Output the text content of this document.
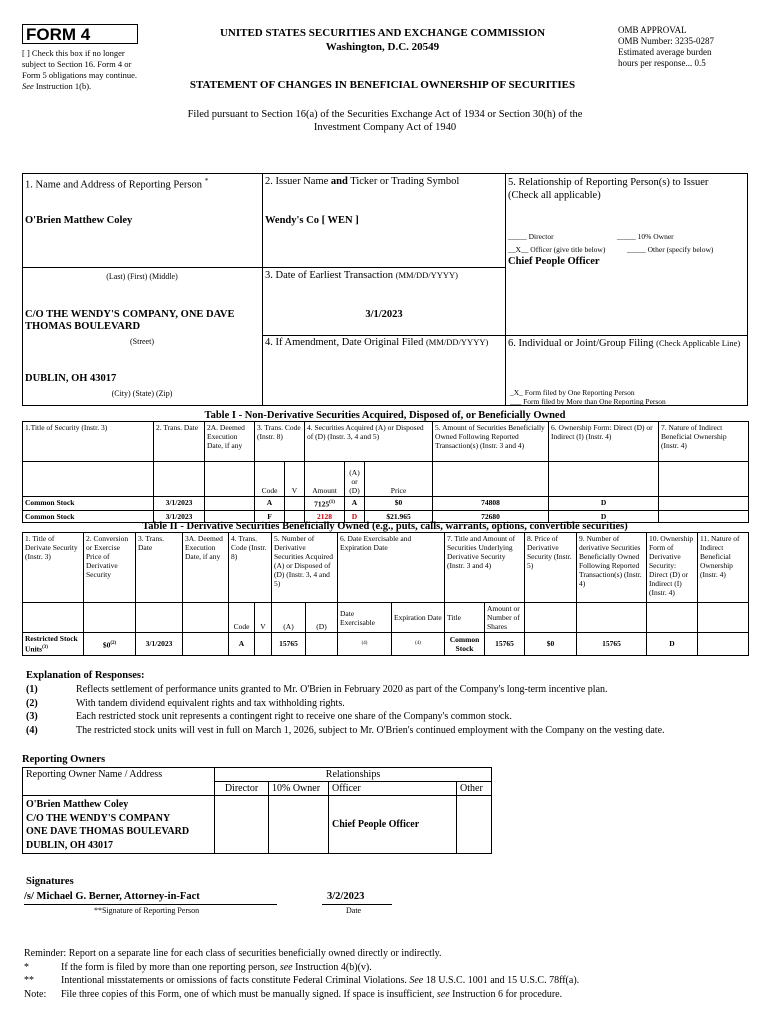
FORM 4
[ ] Check this box if no longer subject to Section 16. Form 4 or Form 5 obligations may continue. See Instruction 1(b).
UNITED STATES SECURITIES AND EXCHANGE COMMISSION
Washington, D.C. 20549
STATEMENT OF CHANGES IN BENEFICIAL OWNERSHIP OF SECURITIES
OMB APPROVAL
OMB Number: 3235-0287
Estimated average burden
hours per response... 0.5
Filed pursuant to Section 16(a) of the Securities Exchange Act of 1934 or Section 30(h) of the
Investment Company Act of 1940
1. Name and Address of Reporting Person *
O'Brien Matthew Coley
(Last) (First) (Middle)
C/O THE WENDY'S COMPANY, ONE DAVE THOMAS BOULEVARD
(Street)
DUBLIN, OH 43017
(City) (State) (Zip)
2. Issuer Name and Ticker or Trading Symbol
Wendy's Co [ WEN ]
3. Date of Earliest Transaction (MM/DD/YYYY)
3/1/2023
4. If Amendment, Date Original Filed (MM/DD/YYYY)
5. Relationship of Reporting Person(s) to Issuer
(Check all applicable)
_____ Director	_____ 10% Owner
__X__ Officer (give title below)	_____ Other (specify below)
Chief People Officer
6. Individual or Joint/Group Filing (Check Applicable Line)
_X_ Form filed by One Reporting Person
___ Form filed by More than One Reporting Person
Table I - Non-Derivative Securities Acquired, Disposed of, or Beneficially Owned
1.Title of Security (Instr. 3)	2. Trans. Date	2A. Deemed Execution Date, if any	3. Trans. Code (Instr. 8)		4. Securities Acquired (A) or Disposed of (D) (Instr. 3, 4 and 5)			5. Amount of Securities Beneficially Owned Following Reported Transaction(s) (Instr. 3 and 4)	6. Ownership Form: Direct (D) or Indirect (I) (Instr. 4)	7. Nature of Indirect Beneficial Ownership (Instr. 4)
			Code	V	Amount	(A) or (D)	Price			
Common Stock	3/1/2023		A		7125$^{(1)}$	A	$0	74808	D	
Common Stock	3/1/2023		F		2128	D	$21.965	72680	D	
Table II - Derivative Securities Beneficially Owned (e.g., puts, calls, warrants, options, convertible securities)
1. Title of Derivate Security (Instr. 3)	2. Conversion or Exercise Price of Derivative Security	3. Trans. Date	3A. Deemed Execution Date, if any	4. Trans. Code (Instr. 8)		5. Number of Derivative Securities Acquired (A) or Disposed of (D) (Instr. 3, 4 and 5)		6. Date Exercisable and Expiration Date		7. Title and Amount of Securities Underlying Derivative Security (Instr. 3 and 4)		8. Price of Derivative Security (Instr. 5)	9. Number of derivative Securities Beneficially Owned Following Reported Transaction(s) (Instr. 4)	10. Ownership Form of Derivative Security: Direct (D) or Indirect (I) (Instr. 4)	11. Nature of Indirect Beneficial Ownership (Instr. 4)
				Code	V	(A)	(D)	Date Exercisable	Expiration Date	Title	Amount or Number of Shares				
Restricted Stock Units$^{(3)}$	$0$^{(2)}$	3/1/2023		A		15765		(4)	(4)	Common Stock	15765	$0	15765	D	
Explanation of Responses:
(1)	Reflects settlement of performance units granted to Mr. O'Brien in February 2020 as part of the Company's long-term incentive plan.
(2)	With tandem dividend equivalent rights and tax withholding rights.
(3)	Each restricted stock unit represents a contingent right to receive one share of the Company's common stock.
(4)	The restricted stock units will vest in full on March 1, 2026, subject to Mr. O'Brien's continued employment with the Company on the vesting date.
Reporting Owners
Reporting Owner Name / Address	Relationships			
	Director	10% Owner	Officer	Other

O'Brien Matthew Coley
C/O THE WENDY'S COMPANY
ONE DAVE THOMAS BOULEVARD
DUBLIN, OH 43017			Chief People Officer	
Signatures
/s/ Michael G. Berner, Attorney-in-Fact	3/2/2023
**Signature of Reporting Person	Date
Reminder: Report on a separate line for each class of securities beneficially owned directly or indirectly.
*	If the form is filed by more than one reporting person, see Instruction 4(b)(v).
**	Intentional misstatements or omissions of facts constitute Federal Criminal Violations. See 18 U.S.C. 1001 and 15 U.S.C. 78ff(a).
Note: File three copies of this Form, one of which must be manually signed. If space is insufficient, see Instruction 6 for procedure.
